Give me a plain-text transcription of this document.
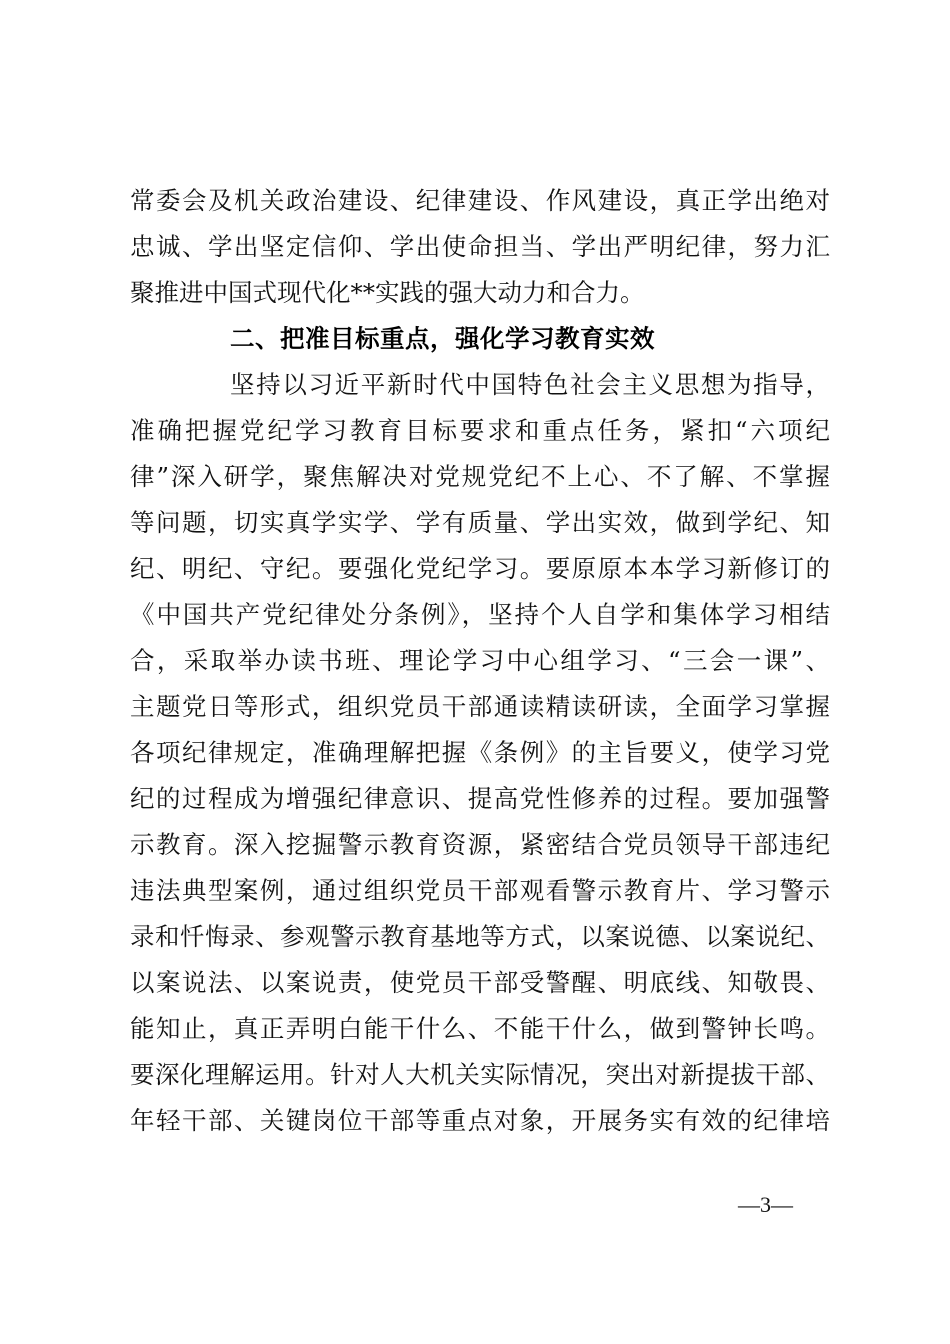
常委会及机关政治建设、纪律建设、作风建设，真正学出绝对
忠诚、学出坚定信仰、学出使命担当、学出严明纪律，努力汇
聚推进中国式现代化**实践的强大动力和合力。
二、把准目标重点，强化学习教育实效
坚持以习近平新时代中国特色社会主义思想为指导，
准确把握党纪学习教育目标要求和重点任务，紧扣“六项纪
律”深入研学，聚焦解决对党规党纪不上心、不了解、不掌握
等问题，切实真学实学、学有质量、学出实效，做到学纪、知
纪、明纪、守纪。要强化党纪学习。要原原本本学习新修订的
《中国共产党纪律处分条例》，坚持个人自学和集体学习相结
合，采取举办读书班、理论学习中心组学习、“三会一课”、
主题党日等形式，组织党员干部通读精读研读，全面学习掌握
各项纪律规定，准确理解把握《条例》的主旨要义，使学习党
纪的过程成为增强纪律意识、提高党性修养的过程。要加强警
示教育。深入挖掘警示教育资源，紧密结合党员领导干部违纪
违法典型案例，通过组织党员干部观看警示教育片、学习警示
录和忏悔录、参观警示教育基地等方式，以案说德、以案说纪、
以案说法、以案说责，使党员干部受警醒、明底线、知敬畏、
能知止，真正弄明白能干什么、不能干什么，做到警钟长鸣。
要深化理解运用。针对人大机关实际情况，突出对新提拔干部、
年轻干部、关键岗位干部等重点对象，开展务实有效的纪律培
—3—
